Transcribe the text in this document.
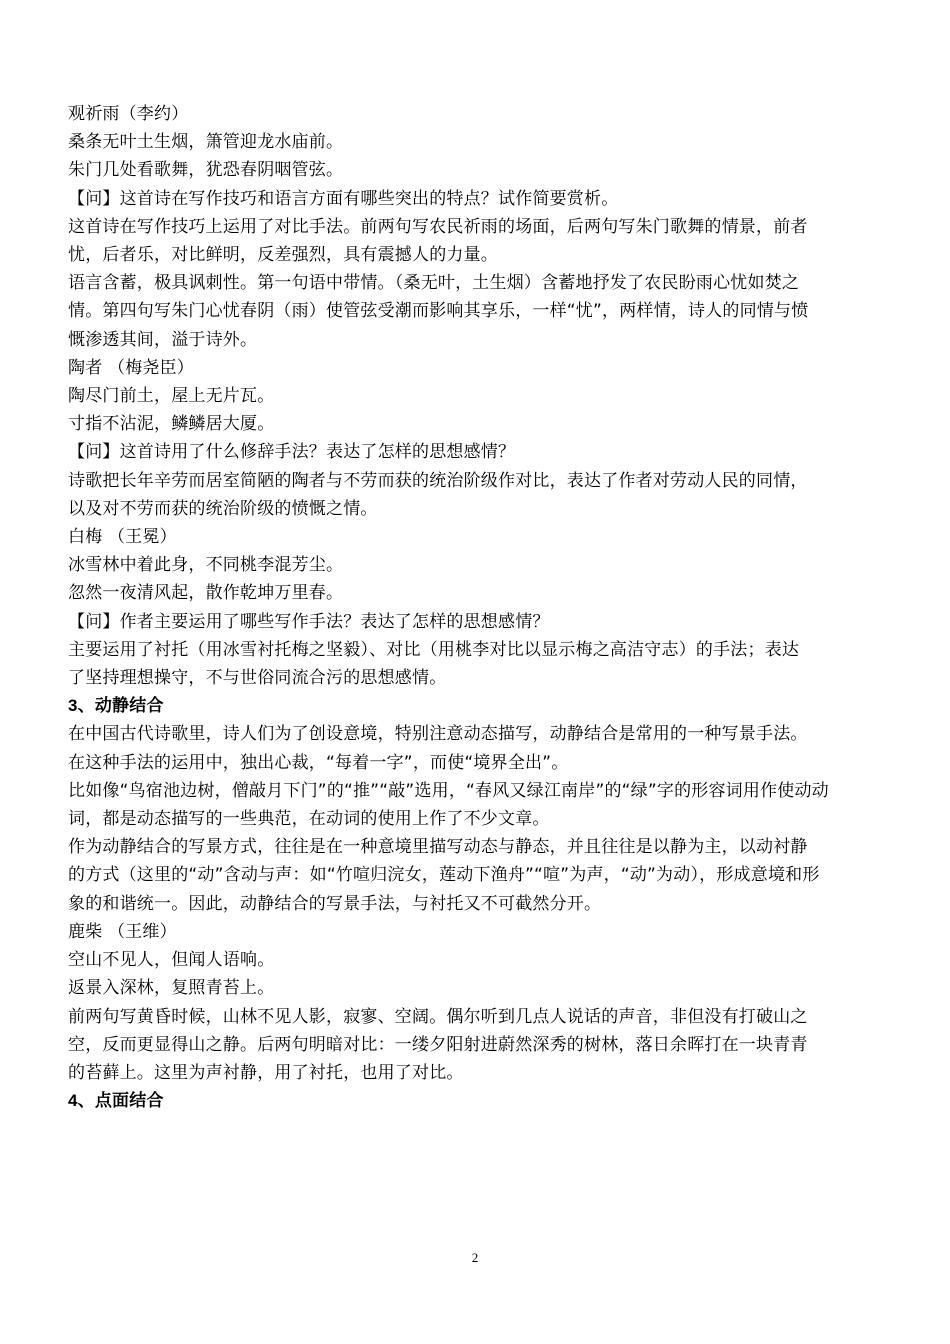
观祈雨（李约）
桑条无叶土生烟，箫管迎龙水庙前。
朱门几处看歌舞，犹恐春阴咽管弦。
【问】这首诗在写作技巧和语言方面有哪些突出的特点？试作简要赏析。
这首诗在写作技巧上运用了对比手法。前两句写农民祈雨的场面，后两句写朱门歌舞的情景，前者
忧，后者乐，对比鲜明，反差强烈，具有震撼人的力量。
语言含蓄，极具讽刺性。第一句语中带情。（桑无叶，土生烟）含蓄地抒发了农民盼雨心忧如焚之
情。第四句写朱门心忧春阴（雨）使管弦受潮而影响其享乐，一样“忧”，两样情，诗人的同情与愤
慨渗透其间，溢于诗外。
陶者 （梅尧臣）
陶尽门前土，屋上无片瓦。
寸指不沾泥，鳞鳞居大厦。
【问】这首诗用了什么修辞手法？表达了怎样的思想感情？
诗歌把长年辛劳而居室简陋的陶者与不劳而获的统治阶级作对比，表达了作者对劳动人民的同情，
以及对不劳而获的统治阶级的愤慨之情。
白梅 （王冕）
冰雪林中着此身，不同桃李混芳尘。
忽然一夜清风起，散作乾坤万里春。
【问】作者主要运用了哪些写作手法？表达了怎样的思想感情？
主要运用了衬托（用冰雪衬托梅之坚毅）、对比（用桃李对比以显示梅之高洁守志）的手法；表达
了坚持理想操守，不与世俗同流合污的思想感情。
3、动静结合
在中国古代诗歌里，诗人们为了创设意境，特别注意动态描写，动静结合是常用的一种写景手法。
在这种手法的运用中，独出心裁，“每着一字”，而使“境界全出”。
比如像“鸟宿池边树，僧敲月下门”的“推”“敲”选用，“春风又绿江南岸”的“绿”字的形容词用作使动动
词，都是动态描写的一些典范，在动词的使用上作了不少文章。
作为动静结合的写景方式，往往是在一种意境里描写动态与静态，并且往往是以静为主，以动衬静
的方式（这里的“动”含动与声：如“竹喧归浣女，莲动下渔舟”“喧”为声，“动”为动），形成意境和形
象的和谐统一。因此，动静结合的写景手法，与衬托又不可截然分开。
鹿柴 （王维）
空山不见人，但闻人语响。
返景入深林，复照青苔上。
前两句写黄昏时候，山林不见人影，寂寥、空阔。偶尔听到几点人说话的声音，非但没有打破山之
空，反而更显得山之静。后两句明暗对比：一缕夕阳射进蔚然深秀的树林，落日余晖打在一块青青
的苔藓上。这里为声衬静，用了衬托，也用了对比。
4、点面结合
2
